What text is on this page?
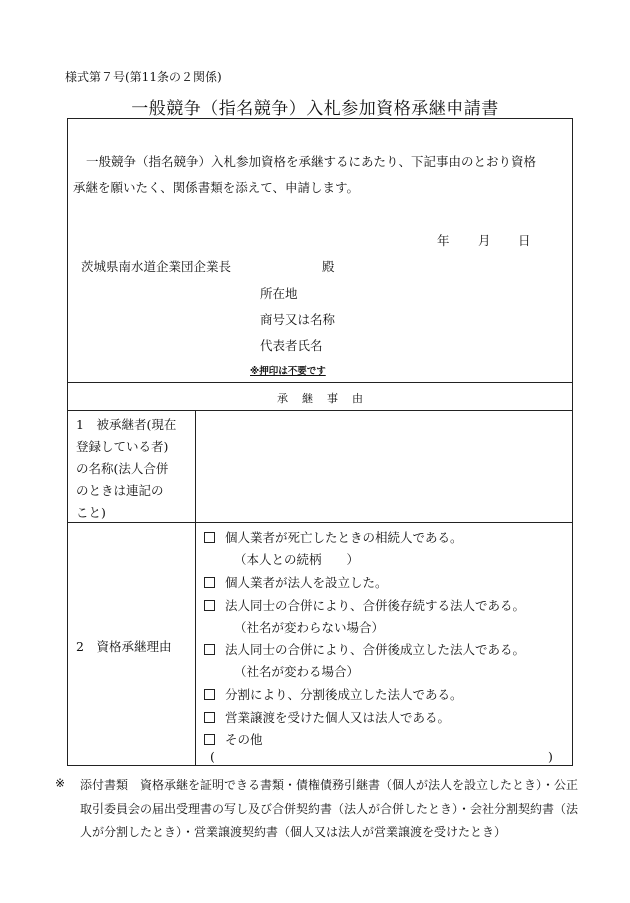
様式第７号(第11条の２関係)
一般競争（指名競争）入札参加資格承継申請書
一般競争（指名競争）入札参加資格を承継するにあたり、下記事由のとおり資格
承継を願いたく、関係書類を添えて、申請します。
年 月 日
茨城県南水道企業団企業長	殿
所在地
商号又は名称
代表者氏名
※押印は不要です
承 継 事 由
1　被承継者(現在
登録している者)
の名称(法人合併
のときは連記の
こと)
2　資格承継理由
個人業者が死亡したときの相続人である。
（本人との続柄　　）
個人業者が法人を設立した。
法人同士の合併により、合併後存続する法人である。
（社名が変わらない場合）
法人同士の合併により、合併後成立した法人である。
（社名が変わる場合）
分割により、分割後成立した法人である。
営業譲渡を受けた個人又は法人である。
その他
(	)
※ 添付書類　資格承継を証明できる書類・債権債務引継書（個人が法人を設立したとき）・公正
取引委員会の届出受理書の写し及び合併契約書（法人が合併したとき）・会社分割契約書（法
人が分割したとき）・営業譲渡契約書（個人又は法人が営業譲渡を受けたとき）
